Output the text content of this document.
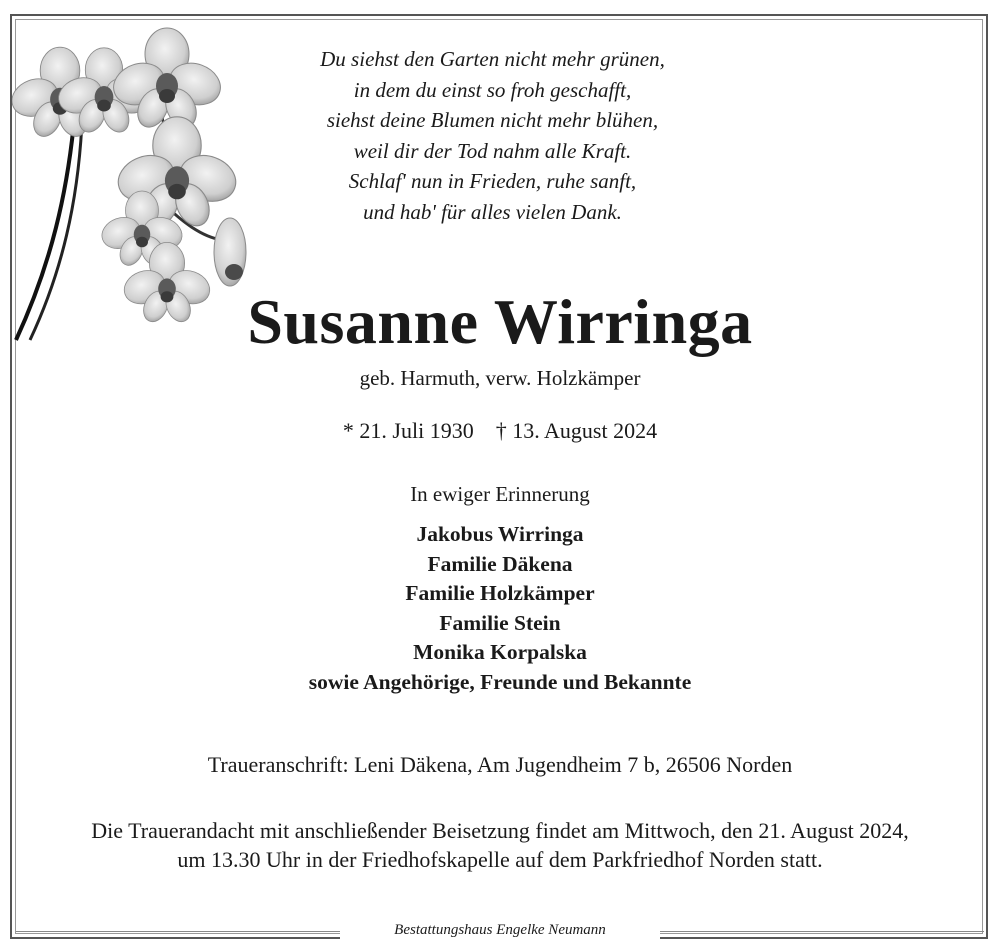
Du siehst den Garten nicht mehr grünen,
in dem du einst so froh geschafft,
siehst deine Blumen nicht mehr blühen,
weil dir der Tod nahm alle Kraft.
Schlaf' nun in Frieden, ruhe sanft,
und hab' für alles vielen Dank.
Susanne Wirringa
geb. Harmuth, verw. Holzkämper
* 21. Juli 1930 † 13. August 2024
In ewiger Erinnerung
Jakobus Wirringa
Familie Däkena
Familie Holzkämper
Familie Stein
Monika Korpalska
sowie Angehörige, Freunde und Bekannte
Traueranschrift: Leni Däkena, Am Jugendheim 7 b, 26506 Norden
Die Trauerandacht mit anschließender Beisetzung findet am Mittwoch, den 21. August 2024,
um 13.30 Uhr in der Friedhofskapelle auf dem Parkfriedhof Norden statt.
Bestattungshaus Engelke Neumann
